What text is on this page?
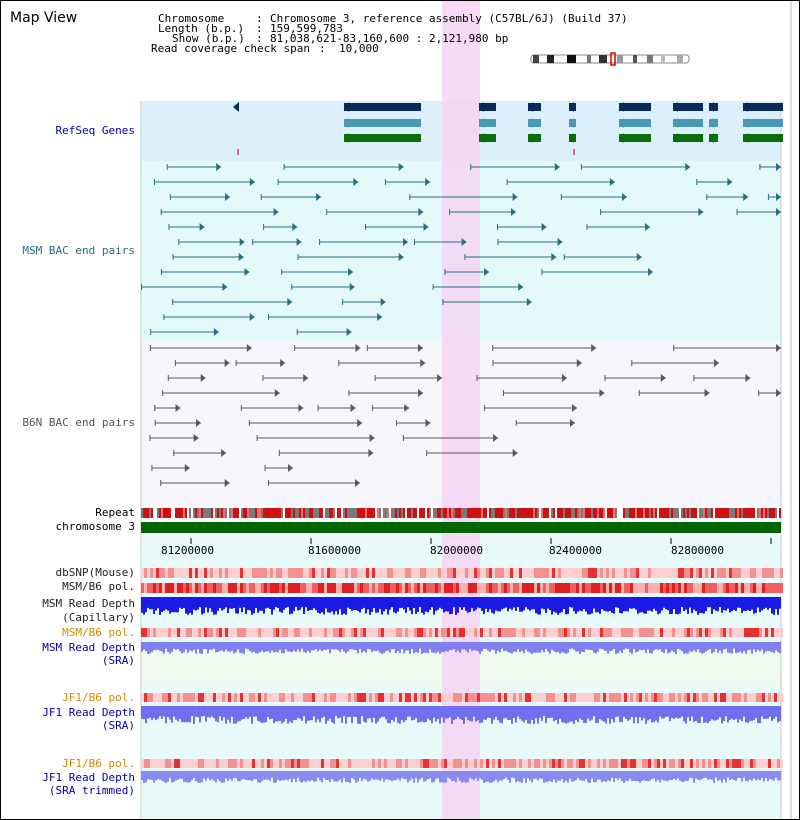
Map View	Chromosome	: Chromosome 3, reference assembly (C57BL/6J) (Build 37)
Length (b.p.) : 159,599,783
Show (b.p.) : 81,038,621-83,160,600 : 2,121,980 bp
Read coverage check span : 10,000
RefSeq Genes
MSM BAC end pairs
B6N BAC end pairs
Repeat
chromosome 3
dbSNP(Mouse)
MSM/B6 pol.
MSM Read Depth
(Capillary)
MSM/B6 pol.
MSM Read Depth
(SRA)
JF1/B6 pol.
JF1 Read Depth
(SRA)
JF1/B6 pol.
JF1 Read Depth
(SRA trimmed)
81200000	81600000	82000000	82400000	82800000
